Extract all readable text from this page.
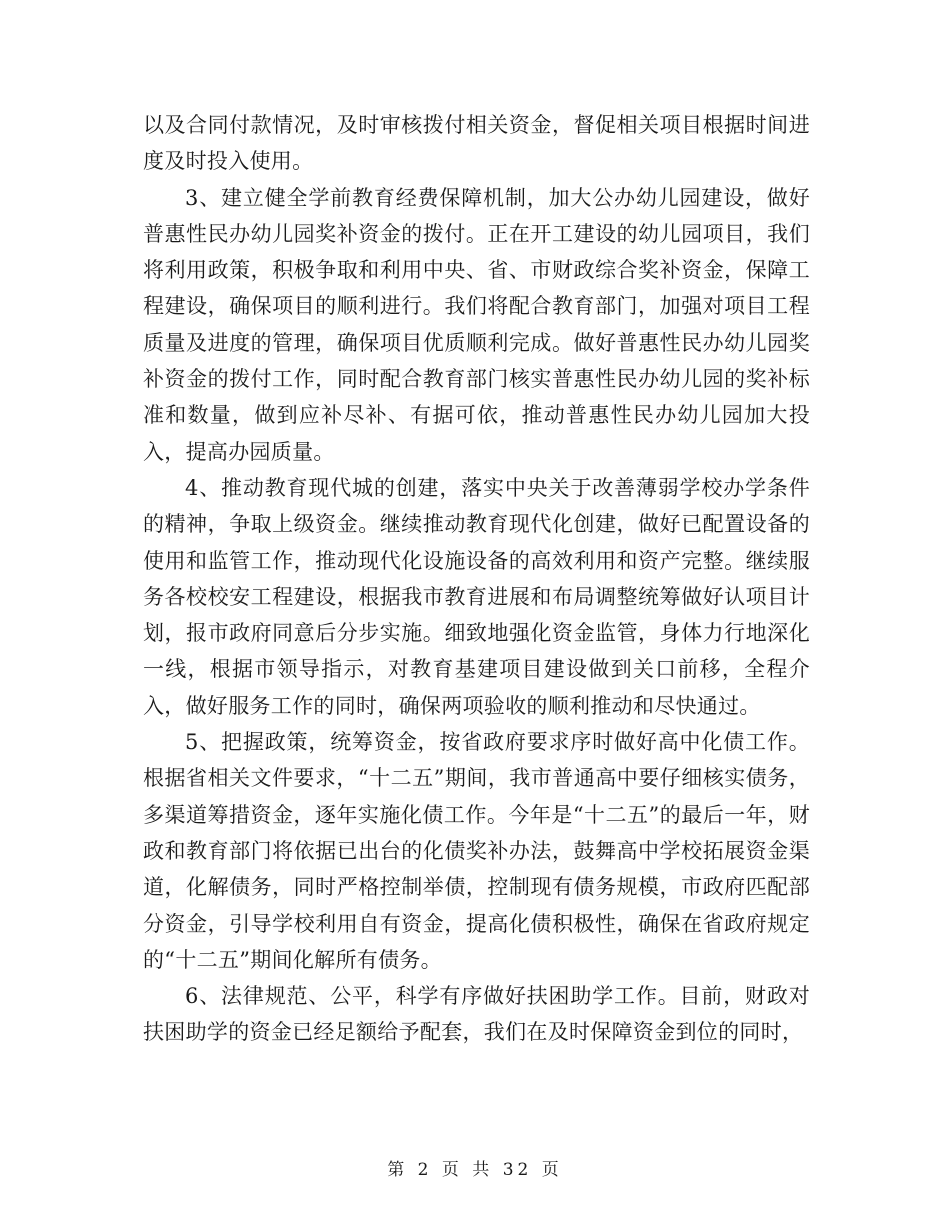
以及合同付款情况，及时审核拨付相关资金，督促相关项目根据时间进度及时投入使用。

3、建立健全学前教育经费保障机制，加大公办幼儿园建设，做好普惠性民办幼儿园奖补资金的拨付。正在开工建设的幼儿园项目，我们将利用政策，积极争取和利用中央、省、市财政综合奖补资金，保障工程建设，确保项目的顺利进行。我们将配合教育部门，加强对项目工程质量及进度的管理，确保项目优质顺利完成。做好普惠性民办幼儿园奖补资金的拨付工作，同时配合教育部门核实普惠性民办幼儿园的奖补标准和数量，做到应补尽补、有据可依，推动普惠性民办幼儿园加大投入，提高办园质量。

4、推动教育现代城的创建，落实中央关于改善薄弱学校办学条件的精神，争取上级资金。继续推动教育现代化创建，做好已配置设备的使用和监管工作，推动现代化设施设备的高效利用和资产完整。继续服务各校校安工程建设，根据我市教育进展和布局调整统筹做好认项目计划，报市政府同意后分步实施。细致地强化资金监管，身体力行地深化一线，根据市领导指示，对教育基建项目建设做到关口前移，全程介入，做好服务工作的同时，确保两项验收的顺利推动和尽快通过。

5、把握政策，统筹资金，按省政府要求序时做好高中化债工作。根据省相关文件要求，“十二五”期间，我市普通高中要仔细核实债务，多渠道筹措资金，逐年实施化债工作。今年是“十二五”的最后一年，财政和教育部门将依据已出台的化债奖补办法，鼓舞高中学校拓展资金渠道，化解债务，同时严格控制举债，控制现有债务规模，市政府匹配部分资金，引导学校利用自有资金，提高化债积极性，确保在省政府规定的“十二五”期间化解所有债务。

6、法律规范、公平，科学有序做好扶困助学工作。目前，财政对扶困助学的资金已经足额给予配套，我们在及时保障资金到位的同时，

第 2 页 共 32 页
